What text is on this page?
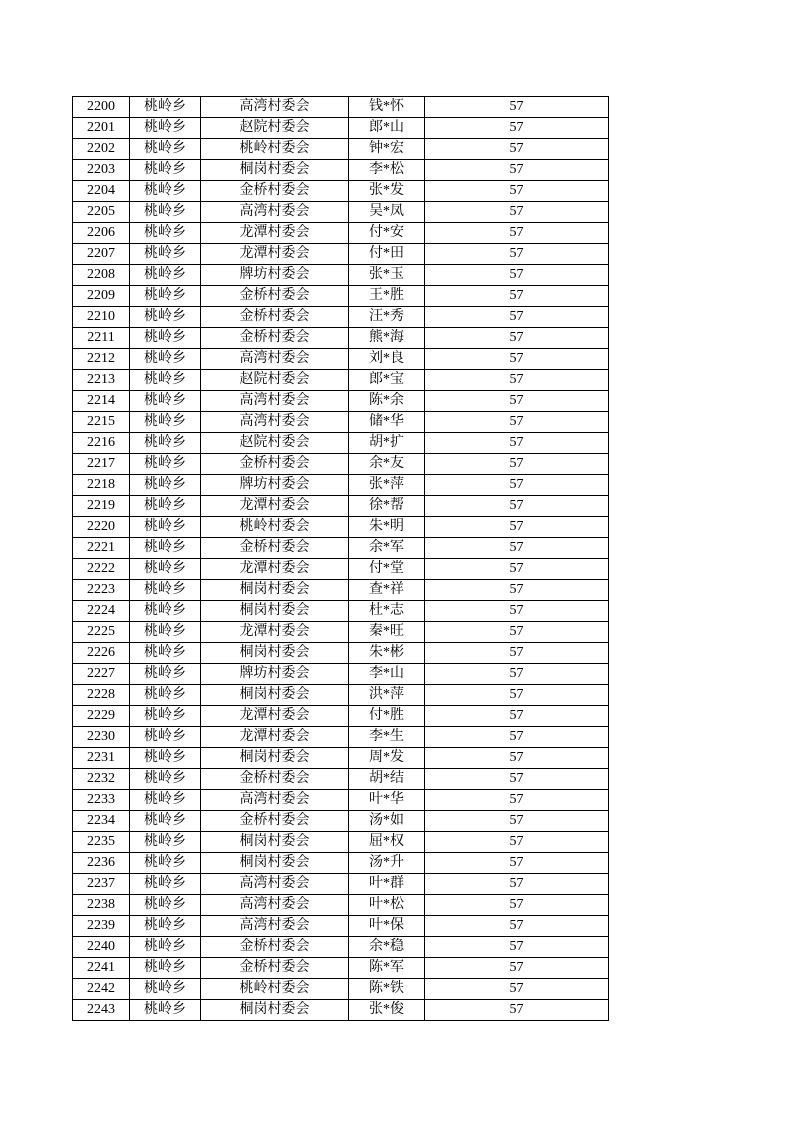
2200	桃岭乡	高湾村委会	钱*怀	57
2201	桃岭乡	赵院村委会	郎*山	57
2202	桃岭乡	桃岭村委会	钟*宏	57
2203	桃岭乡	桐岗村委会	李*松	57
2204	桃岭乡	金桥村委会	张*发	57
2205	桃岭乡	高湾村委会	吴*凤	57
2206	桃岭乡	龙潭村委会	付*安	57
2207	桃岭乡	龙潭村委会	付*田	57
2208	桃岭乡	牌坊村委会	张*玉	57
2209	桃岭乡	金桥村委会	王*胜	57
2210	桃岭乡	金桥村委会	汪*秀	57
2211	桃岭乡	金桥村委会	熊*海	57
2212	桃岭乡	高湾村委会	刘*良	57
2213	桃岭乡	赵院村委会	郎*宝	57
2214	桃岭乡	高湾村委会	陈*余	57
2215	桃岭乡	高湾村委会	储*华	57
2216	桃岭乡	赵院村委会	胡*扩	57
2217	桃岭乡	金桥村委会	余*友	57
2218	桃岭乡	牌坊村委会	张*萍	57
2219	桃岭乡	龙潭村委会	徐*帮	57
2220	桃岭乡	桃岭村委会	朱*明	57
2221	桃岭乡	金桥村委会	余*军	57
2222	桃岭乡	龙潭村委会	付*堂	57
2223	桃岭乡	桐岗村委会	查*祥	57
2224	桃岭乡	桐岗村委会	杜*志	57
2225	桃岭乡	龙潭村委会	秦*旺	57
2226	桃岭乡	桐岗村委会	朱*彬	57
2227	桃岭乡	牌坊村委会	李*山	57
2228	桃岭乡	桐岗村委会	洪*萍	57
2229	桃岭乡	龙潭村委会	付*胜	57
2230	桃岭乡	龙潭村委会	李*生	57
2231	桃岭乡	桐岗村委会	周*发	57
2232	桃岭乡	金桥村委会	胡*结	57
2233	桃岭乡	高湾村委会	叶*华	57
2234	桃岭乡	金桥村委会	汤*如	57
2235	桃岭乡	桐岗村委会	屈*权	57
2236	桃岭乡	桐岗村委会	汤*升	57
2237	桃岭乡	高湾村委会	叶*群	57
2238	桃岭乡	高湾村委会	叶*松	57
2239	桃岭乡	高湾村委会	叶*保	57
2240	桃岭乡	金桥村委会	余*稳	57
2241	桃岭乡	金桥村委会	陈*军	57
2242	桃岭乡	桃岭村委会	陈*铁	57
2243	桃岭乡	桐岗村委会	张*俊	57
